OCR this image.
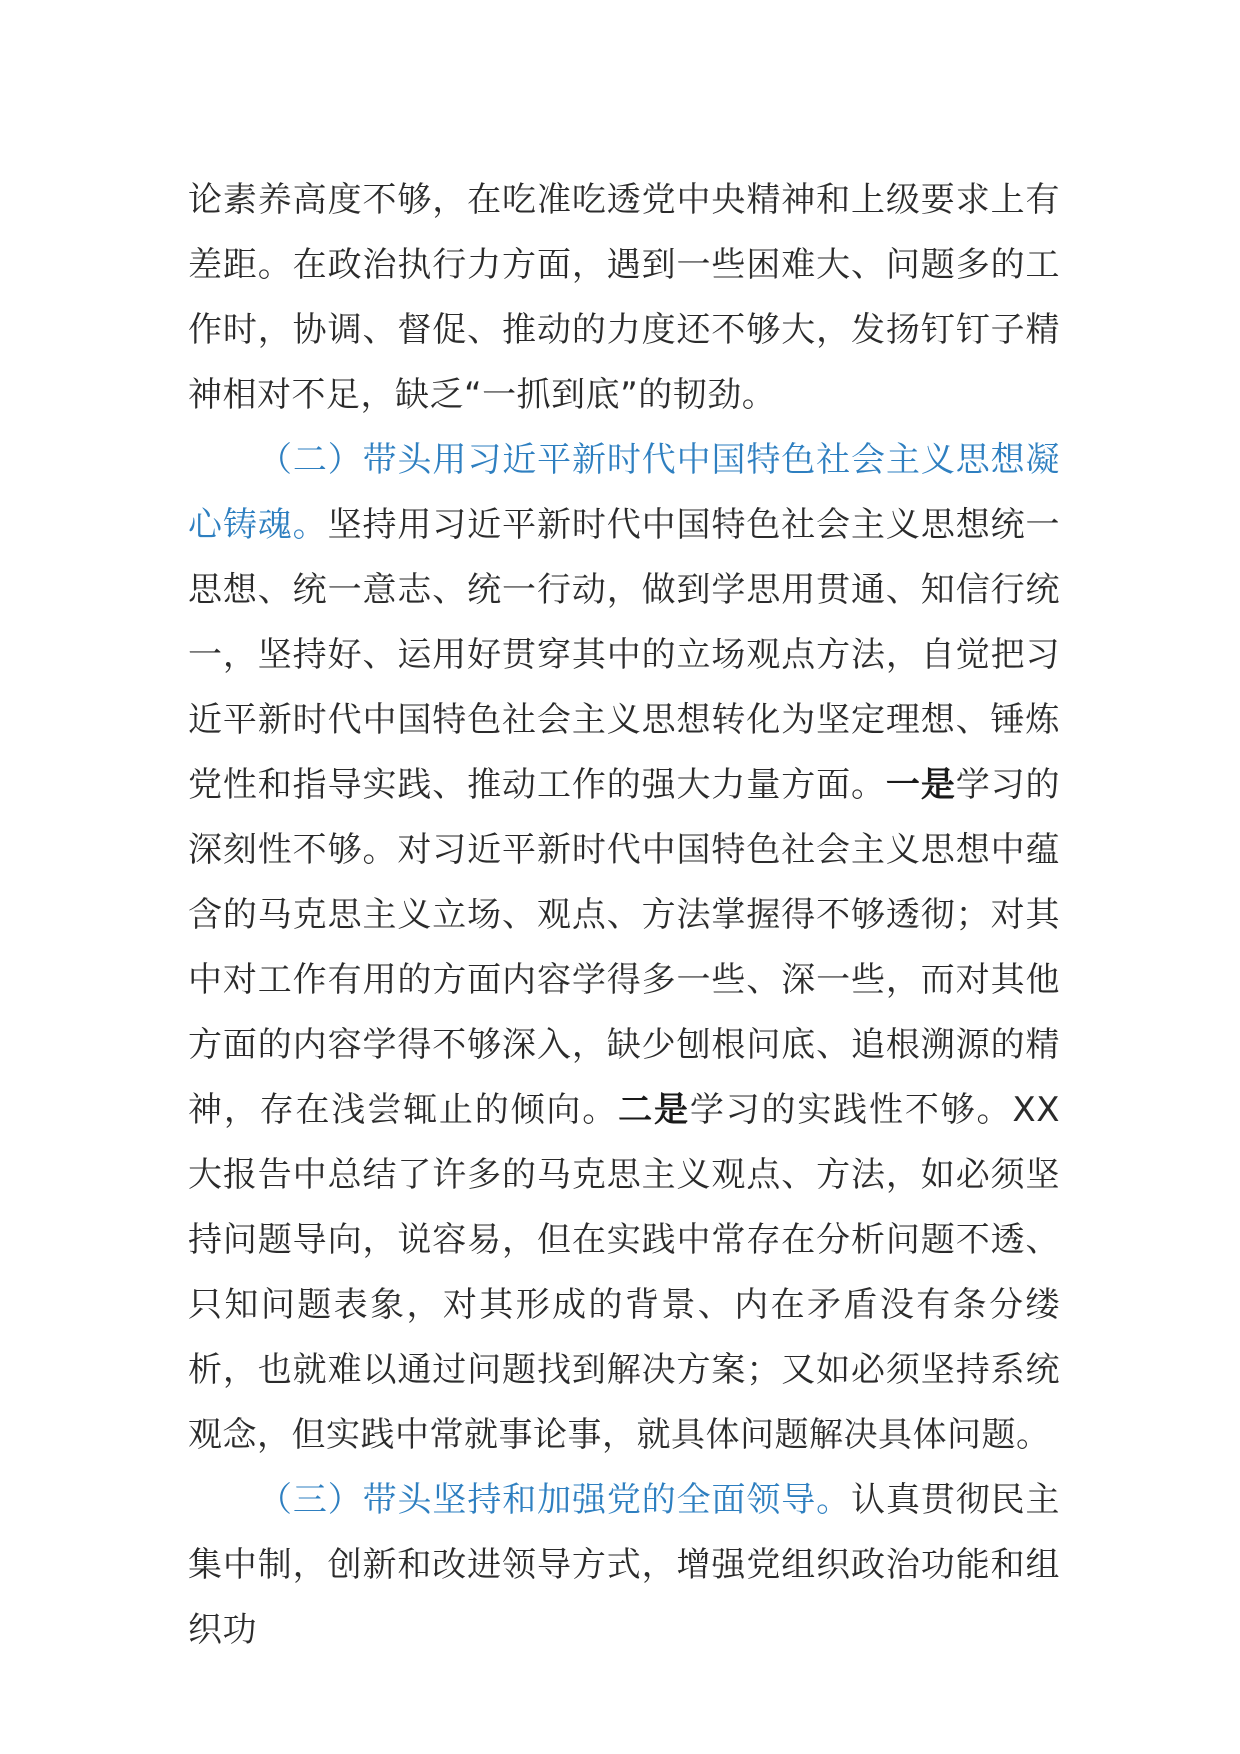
论素养高度不够，在吃准吃透党中央精神和上级要求上有差距。在政治执行力方面，遇到一些困难大、问题多的工作时，协调、督促、推动的力度还不够大，发扬钉钉子精神相对不足，缺乏“一抓到底”的韧劲。

（二）带头用习近平新时代中国特色社会主义思想凝心铸魂。坚持用习近平新时代中国特色社会主义思想统一思想、统一意志、统一行动，做到学思用贯通、知信行统一，坚持好、运用好贯穿其中的立场观点方法，自觉把习近平新时代中国特色社会主义思想转化为坚定理想、锤炼党性和指导实践、推动工作的强大力量方面。一是学习的深刻性不够。对习近平新时代中国特色社会主义思想中蕴含的马克思主义立场、观点、方法掌握得不够透彻；对其中对工作有用的方面内容学得多一些、深一些，而对其他方面的内容学得不够深入，缺少刨根问底、追根溯源的精神，存在浅尝辄止的倾向。二是学习的实践性不够。XX大报告中总结了许多的马克思主义观点、方法，如必须坚持问题导向，说容易，但在实践中常存在分析问题不透、只知问题表象，对其形成的背景、内在矛盾没有条分缕析，也就难以通过问题找到解决方案；又如必须坚持系统观念，但实践中常就事论事，就具体问题解决具体问题。

（三）带头坚持和加强党的全面领导。认真贯彻民主集中制，创新和改进领导方式，增强党组织政治功能和组织功
